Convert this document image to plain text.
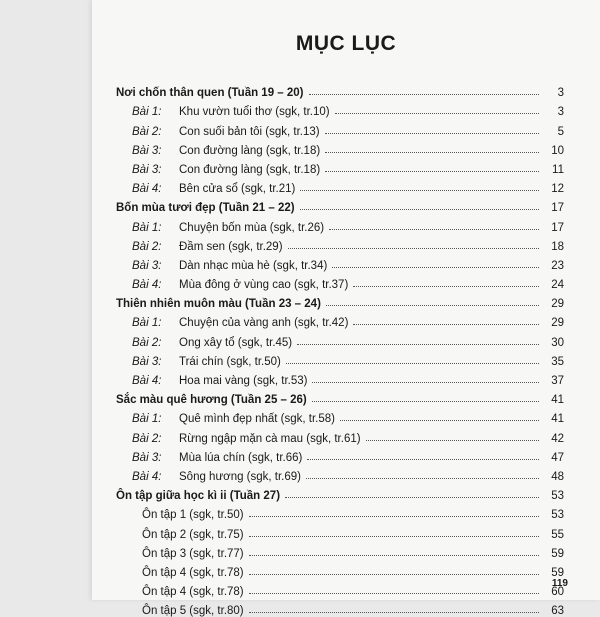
MỤC LỤC
Nơi chốn thân quen (Tuần 19 – 20)	3
Bài 1: Khu vườn tuổi thơ (sgk, tr.10)	3
Bài 2: Con suối bản tôi (sgk, tr.13)	5
Bài 3: Con đường làng (sgk, tr.18)	10
Bài 3: Con đường làng (sgk, tr.18)	11
Bài 4: Bên cửa sổ (sgk, tr.21)	12
Bốn mùa tươi đẹp (Tuần 21 – 22)	17
Bài 1: Chuyện bốn mùa (sgk, tr.26)	17
Bài 2: Đầm sen (sgk, tr.29)	18
Bài 3: Dàn nhạc mùa hè (sgk, tr.34)	23
Bài 4: Mùa đông ở vùng cao (sgk, tr.37)	24
Thiên nhiên muôn màu (Tuần 23 – 24)	29
Bài 1: Chuyện của vàng anh (sgk, tr.42)	29
Bài 2: Ong xây tổ (sgk, tr.45)	30
Bài 3: Trái chín (sgk, tr.50)	35
Bài 4: Hoa mai vàng (sgk, tr.53)	37
Sắc màu quê hương (Tuần 25 – 26)	41
Bài 1: Quê mình đẹp nhất (sgk, tr.58)	41
Bài 2: Rừng ngập mặn cà mau (sgk, tr.61)	42
Bài 3: Mùa lúa chín (sgk, tr.66)	47
Bài 4: Sông hương (sgk, tr.69)	48
Ôn tập giữa học kì ii (Tuần 27)	53
Ôn tập 1 (sgk, tr.50)	53
Ôn tập 2 (sgk, tr.75)	55
Ôn tập 3 (sgk, tr.77)	59
Ôn tập 4 (sgk, tr.78)	59
Ôn tập 4 (sgk, tr.78)	60
Ôn tập 5 (sgk, tr.80)	63
119
